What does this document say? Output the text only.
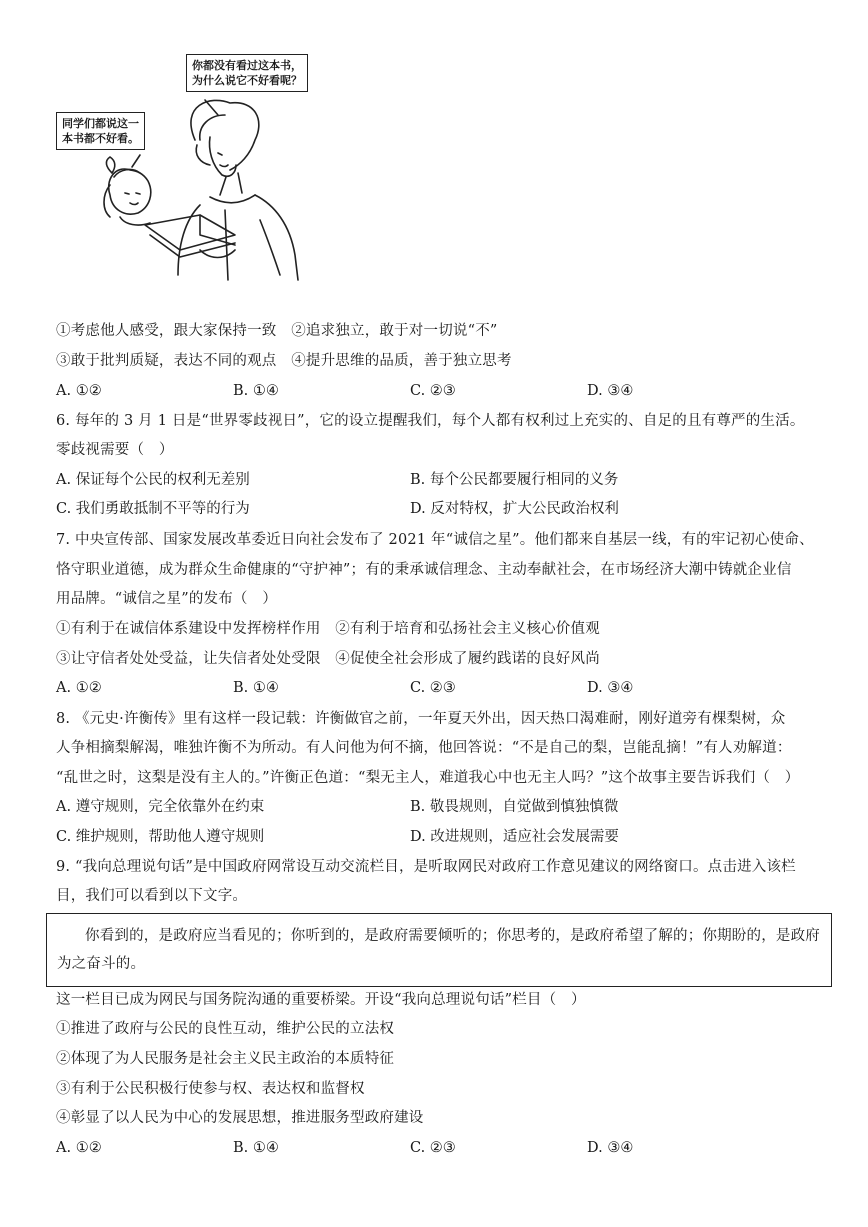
你都没有看过这本书，
为什么说它不好看呢？
同学们都说这一
本书都不好看。
①考虑他人感受，跟大家保持一致　②追求独立，敢于对一切说“不”
③敢于批判质疑，表达不同的观点　④提升思维的品质，善于独立思考
A. ①②	B. ①④	C. ②③	D. ③④
6. 每年的 3 月 1 日是“世界零歧视日”，它的设立提醒我们，每个人都有权利过上充实的、自足的且有尊严的生活。
零歧视需要（　）
A. 保证每个公民的权利无差别	B. 每个公民都要履行相同的义务
C. 我们勇敢抵制不平等的行为	D. 反对特权，扩大公民政治权利
7. 中央宣传部、国家发展改革委近日向社会发布了 2021 年“诚信之星”。他们都来自基层一线，有的牢记初心使命、
恪守职业道德，成为群众生命健康的“守护神”；有的秉承诚信理念、主动奉献社会，在市场经济大潮中铸就企业信
用品牌。“诚信之星”的发布（　）
①有利于在诚信体系建设中发挥榜样作用　②有利于培育和弘扬社会主义核心价值观
③让守信者处处受益，让失信者处处受限　④促使全社会形成了履约践诺的良好风尚
A. ①②	B. ①④	C. ②③	D. ③④
8. 《元史·许衡传》里有这样一段记载：许衡做官之前，一年夏天外出，因天热口渴难耐，刚好道旁有棵梨树，众
人争相摘梨解渴，唯独许衡不为所动。有人问他为何不摘，他回答说：“不是自己的梨，岂能乱摘！”有人劝解道：
“乱世之时，这梨是没有主人的。”许衡正色道：“梨无主人，难道我心中也无主人吗？”这个故事主要告诉我们（　）
A. 遵守规则，完全依靠外在约束	B. 敬畏规则，自觉做到慎独慎微
C. 维护规则，帮助他人遵守规则	D. 改进规则，适应社会发展需要
9. “我向总理说句话”是中国政府网常设互动交流栏目，是听取网民对政府工作意见建议的网络窗口。点击进入该栏
目，我们可以看到以下文字。
你看到的，是政府应当看见的；你听到的，是政府需要倾听的；你思考的，是政府希望了解的；你期盼的，是政府为之奋斗的。
这一栏目已成为网民与国务院沟通的重要桥梁。开设“我向总理说句话”栏目（　）
①推进了政府与公民的良性互动，维护公民的立法权
②体现了为人民服务是社会主义民主政治的本质特征
③有利于公民积极行使参与权、表达权和监督权
④彰显了以人民为中心的发展思想，推进服务型政府建设
A. ①②	B. ①④	C. ②③	D. ③④
